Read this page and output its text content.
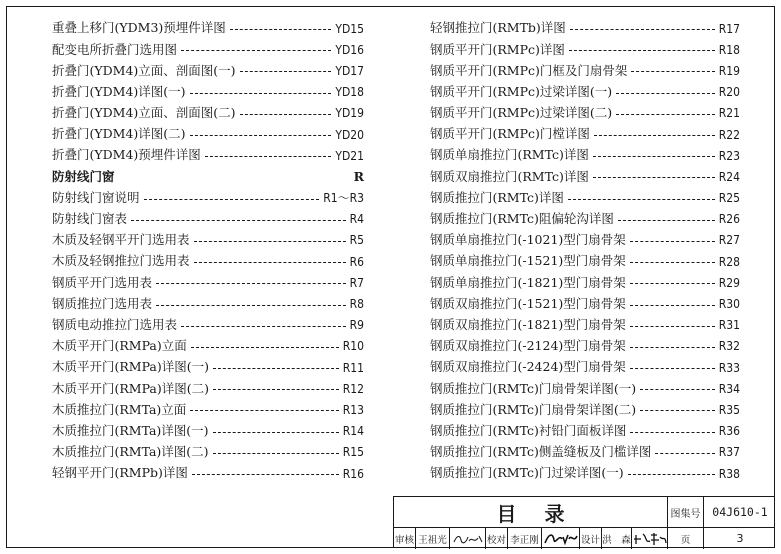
重叠上移门(YDM3)预埋件详图	YD15
配变电所折叠门选用图	YD16
折叠门(YDM4)立面、剖面图(一)	YD17
折叠门(YDM4)详图(一)	YD18
折叠门(YDM4)立面、剖面图(二)	YD19
折叠门(YDM4)详图(二)	YD20
折叠门(YDM4)预埋件详图	YD21
防射线门窗	R
防射线门窗说明	R1～R3
防射线门窗表	R4
木质及轻钢平开门选用表	R5
木质及轻钢推拉门选用表	R6
钢质平开门选用表	R7
钢质推拉门选用表	R8
钢质电动推拉门选用表	R9
木质平开门(RMPa)立面	R10
木质平开门(RMPa)详图(一)	R11
木质平开门(RMPa)详图(二)	R12
木质推拉门(RMTa)立面	R13
木质推拉门(RMTa)详图(一)	R14
木质推拉门(RMTa)详图(二)	R15
轻钢平开门(RMPb)详图	R16
轻钢推拉门(RMTb)详图	R17
钢质平开门(RMPc)详图	R18
钢质平开门(RMPc)门框及门扇骨架	R19
钢质平开门(RMPc)过梁详图(一)	R20
钢质平开门(RMPc)过梁详图(二)	R21
钢质平开门(RMPc)门樘详图	R22
钢质单扇推拉门(RMTc)详图	R23
钢质双扇推拉门(RMTc)详图	R24
钢质推拉门(RMTc)详图	R25
钢质推拉门(RMTc)阻偏轮沟详图	R26
钢质单扇推拉门(-1021)型门扇骨架	R27
钢质单扇推拉门(-1521)型门扇骨架	R28
钢质单扇推拉门(-1821)型门扇骨架	R29
钢质双扇推拉门(-1521)型门扇骨架	R30
钢质双扇推拉门(-1821)型门扇骨架	R31
钢质双扇推拉门(-2124)型门扇骨架	R32
钢质双扇推拉门(-2424)型门扇骨架	R33
钢质推拉门(RMTc)门扇骨架详图(一)	R34
钢质推拉门(RMTc)门扇骨架详图(二)	R35
钢质推拉门(RMTc)衬铅门面板详图	R36
钢质推拉门(RMTc)侧盖缝板及门槛详图	R37
钢质推拉门(RMTc)门过梁详图(一)	R38
目录	图集号	04J610-1
审核 王祖光	校对 李正刚	设计 洪　森	页	3
